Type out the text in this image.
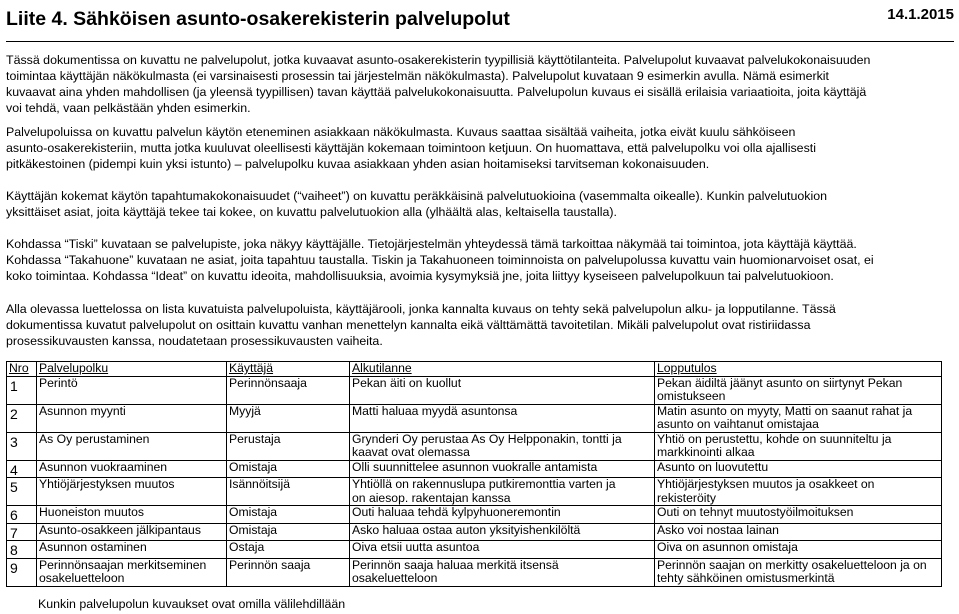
Liite 4. Sähköisen asunto-osakerekisterin palvelupolut	14.1.2015
Tässä dokumentissa on kuvattu ne palvelupolut, jotka kuvaavat asunto-osakerekisterin tyypillisiä käyttötilanteita. Palvelupolut kuvaavat palvelukokonaisuuden
toimintaa käyttäjän näkökulmasta (ei varsinaisesti prosessin tai järjestelmän näkökulmasta). Palvelupolut kuvataan 9 esimerkin avulla. Nämä esimerkit
kuvaavat aina yhden mahdollisen (ja yleensä tyypillisen) tavan käyttää palvelukokonaisuutta. Palvelupolun kuvaus ei sisällä erilaisia variaatioita, joita käyttäjä
voi tehdä, vaan pelkästään yhden esimerkin.
Palvelupoluissa on kuvattu palvelun käytön eteneminen asiakkaan näkökulmasta. Kuvaus saattaa sisältää vaiheita, jotka eivät kuulu sähköiseen
asunto-osakerekisteriin, mutta jotka kuuluvat oleellisesti käyttäjän kokemaan toimintoon ketjuun. On huomattava, että palvelupolku voi olla ajallisesti
pitkäkestoinen (pidempi kuin yksi istunto) – palvelupolku kuvaa asiakkaan yhden asian hoitamiseksi tarvitseman kokonaisuuden.
Käyttäjän kokemat käytön tapahtumakokonaisuudet (“vaiheet”) on kuvattu peräkkäisinä palvelutuokioina (vasemmalta oikealle). Kunkin palvelutuokion
yksittäiset asiat, joita käyttäjä tekee tai kokee, on kuvattu palvelutuokion alla (ylhäältä alas, keltaisella taustalla).
Kohdassa “Tiski” kuvataan se palvelupiste, joka näkyy käyttäjälle. Tietojärjestelmän yhteydessä tämä tarkoittaa näkymää tai toimintoa, jota käyttäjä käyttää.
Kohdassa “Takahuone” kuvataan ne asiat, joita tapahtuu taustalla. Tiskin ja Takahuoneen toiminnoista on palvelupolussa kuvattu vain huomionarvoiset osat, ei
koko toimintaa. Kohdassa “Ideat” on kuvattu ideoita, mahdollisuuksia, avoimia kysymyksiä jne, joita liittyy kyseiseen palvelupolkuun tai palvelutuokioon.
Alla olevassa luettelossa on lista kuvatuista palvelupoluista, käyttäjärooli, jonka kannalta kuvaus on tehty sekä palvelupolun alku- ja lopputilanne. Tässä
dokumentissa kuvatut palvelupolut on osittain kuvattu vanhan menettelyn kannalta eikä välttämättä tavoitetilan. Mikäli palvelupolut ovat ristiriidassa
prosessikuvausten kanssa, noudatetaan prosessikuvausten vaiheita.
Nro	Palvelupolku	Käyttäjä	Alkutilanne	Lopputulos
1	Perintö	Perinnönsaaja	Pekan äiti on kuollut	Pekan äidiltä jäänyt asunto on siirtynyt Pekan
omistukseen
2	Asunnon myynti	Myyjä	Matti haluaa myydä asuntonsa	Matin asunto on myyty, Matti on saanut rahat ja
asunto on vaihtanut omistajaa
3	As Oy perustaminen	Perustaja	Grynderi Oy perustaa As Oy Helpponakin, tontti ja
kaavat ovat olemassa	Yhtiö on perustettu, kohde on suunniteltu ja
markkinointi alkaa
4	Asunnon vuokraaminen	Omistaja	Olli suunnittelee asunnon vuokralle antamista	Asunto on luovutettu
5	Yhtiöjärjestyksen muutos	Isännöitsijä	Yhtiöllä on rakennuslupa putkiremonttia varten ja
on aiesop. rakentajan kanssa	Yhtiöjärjestyksen muutos ja osakkeet on
rekisteröity
6	Huoneiston muutos	Omistaja	Outi haluaa tehdä kylpyhuoneremontin	Outi on tehnyt muutostyöilmoituksen
7	Asunto-osakkeen jälkipantaus	Omistaja	Asko haluaa ostaa auton yksityishenkilöltä	Asko voi nostaa lainan
8	Asunnon ostaminen	Ostaja	Oiva etsii uutta asuntoa	Oiva on asunnon omistaja
9	Perinnönsaajan merkitseminen
osakeluetteloon	Perinnön saaja	Perinnön saaja haluaa merkitä itsensä
osakeluetteloon	Perinnön saajan on merkitty osakeluetteloon ja on
tehty sähköinen omistusmerkintä
Kunkin palvelupolun kuvaukset ovat omilla välilehdillään
